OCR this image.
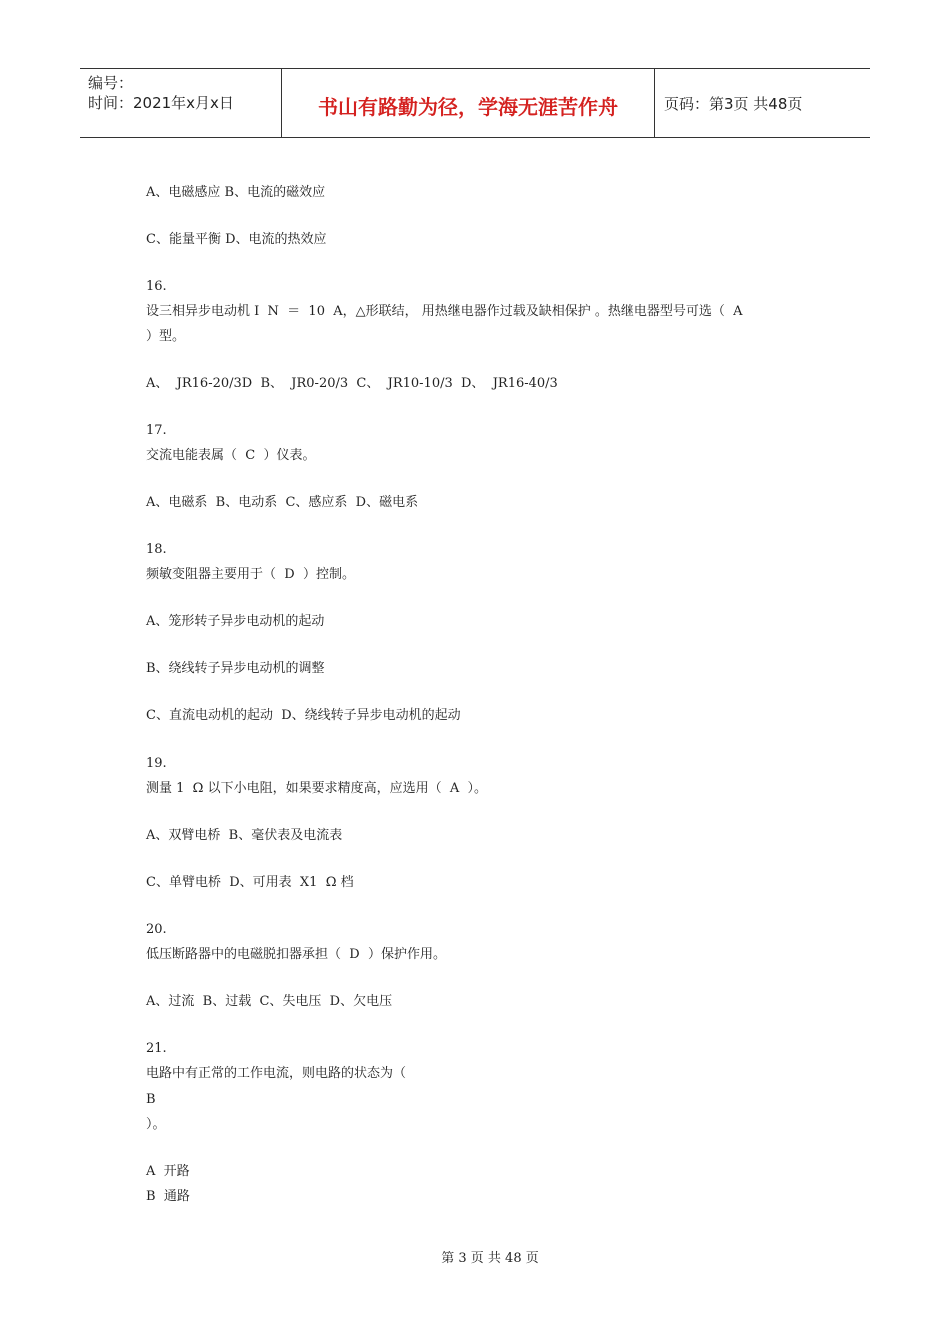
编号：
时间：2021年x月x日	书山有路勤为径，学海无涯苦作舟	页码：第3页 共48页
A、电磁感应 B、电流的磁效应
C、能量平衡 D、电流的热效应
16.
设三相异步电动机 I  N  ＝  10  A，△形联结， 用热继电器作过载及缺相保护 。热继电器型号可选（  A
）型。
A、  JR16-20/3D  B、  JR0-20/3  C、  JR10-10/3  D、  JR16-40/3
17.
交流电能表属（  C  ）仪表。
A、电磁系  B、电动系  C、感应系  D、磁电系
18.
频敏变阻器主要用于（  D  ）控制。
A、笼形转子异步电动机的起动
B、绕线转子异步电动机的调整
C、直流电动机的起动  D、绕线转子异步电动机的起动
19.
测量 1  Ω 以下小电阻，如果要求精度高，应选用（  A  ）。
A、双臂电桥  B、毫伏表及电流表
C、单臂电桥  D、可用表  X1  Ω 档
20.
低压断路器中的电磁脱扣器承担（  D  ）保护作用。
A、过流  B、过载  C、失电压  D、欠电压
21.
电路中有正常的工作电流，则电路的状态为（
B
）。
A  开路
B  通路
第 3 页 共 48 页
